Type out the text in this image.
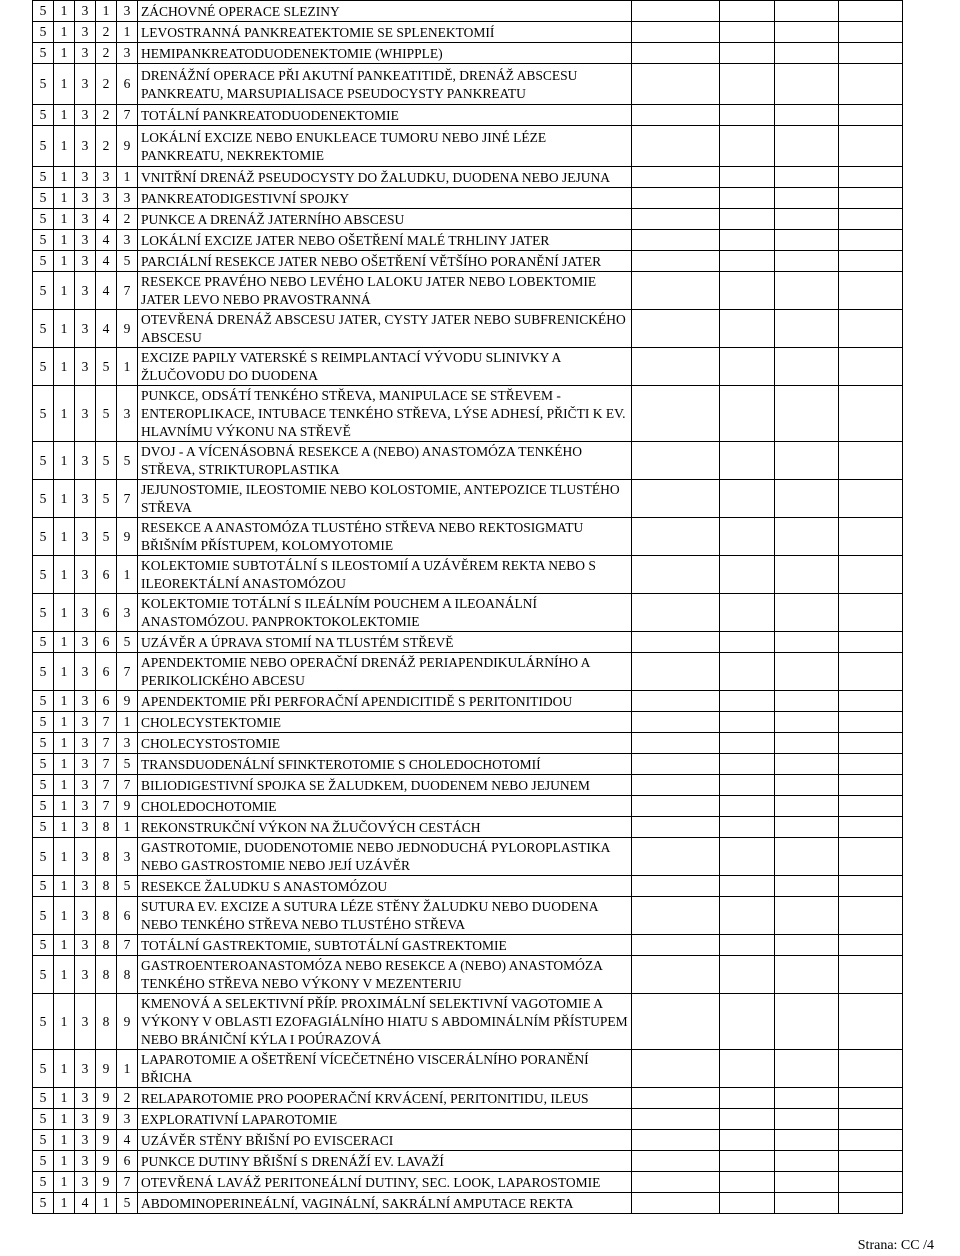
5	1	3	1	3	ZÁCHOVNÉ OPERACE SLEZINY				
5	1	3	2	1	LEVOSTRANNÁ PANKREATEKTOMIE SE SPLENEKTOMIÍ				
5	1	3	2	3	HEMIPANKREATODUODENEKTOMIE (WHIPPLE)				
5	1	3	2	6	DRENÁŽNÍ OPERACE PŘI AKUTNÍ PANKEATITIDĚ, DRENÁŽ ABSCESU PANKREATU, MARSUPIALISACE PSEUDOCYSTY PANKREATU				
5	1	3	2	7	TOTÁLNÍ PANKREATODUODENEKTOMIE				
5	1	3	2	9	LOKÁLNÍ EXCIZE NEBO ENUKLEACE TUMORU NEBO JINÉ LÉZE PANKREATU, NEKREKTOMIE				
5	1	3	3	1	VNITŘNÍ DRENÁŽ PSEUDOCYSTY DO ŽALUDKU, DUODENA NEBO JEJUNA				
5	1	3	3	3	PANKREATODIGESTIVNÍ SPOJKY				
5	1	3	4	2	PUNKCE A DRENÁŽ JATERNÍHO ABSCESU				
5	1	3	4	3	LOKÁLNÍ EXCIZE JATER NEBO OŠETŘENÍ MALÉ TRHLINY JATER				
5	1	3	4	5	PARCIÁLNÍ RESEKCE JATER NEBO OŠETŘENÍ VĚTŠÍHO PORANĚNÍ JATER				
5	1	3	4	7	RESEKCE PRAVÉHO NEBO LEVÉHO LALOKU JATER NEBO LOBEKTOMIE JATER LEVO NEBO PRAVOSTRANNÁ				
5	1	3	4	9	OTEVŘENÁ DRENÁŽ ABSCESU JATER, CYSTY JATER NEBO SUBFRENICKÉHO ABSCESU				
5	1	3	5	1	EXCIZE PAPILY VATERSKÉ S REIMPLANTACÍ VÝVODU SLINIVKY A ŽLUČOVODU DO DUODENA				
5	1	3	5	3	PUNKCE, ODSÁTÍ TENKÉHO STŘEVA, MANIPULACE SE STŘEVEM - ENTEROPLIKACE, INTUBACE TENKÉHO STŘEVA, LÝSE ADHESÍ, PŘIČTI K EV. HLAVNÍMU VÝKONU NA STŘEVĚ				
5	1	3	5	5	DVOJ - A VÍCENÁSOBNÁ RESEKCE A (NEBO) ANASTOMÓZA TENKÉHO STŘEVA, STRIKTUROPLASTIKA				
5	1	3	5	7	JEJUNOSTOMIE, ILEOSTOMIE NEBO KOLOSTOMIE, ANTEPOZICE TLUSTÉHO STŘEVA				
5	1	3	5	9	RESEKCE A ANASTOMÓZA TLUSTÉHO STŘEVA NEBO REKTOSIGMATU BŘIŠNÍM PŘÍSTUPEM, KOLOMYOTOMIE				
5	1	3	6	1	KOLEKTOMIE SUBTOTÁLNÍ S ILEOSTOMIÍ A UZÁVĚREM REKTA NEBO S ILEOREKTÁLNÍ ANASTOMÓZOU				
5	1	3	6	3	KOLEKTOMIE TOTÁLNÍ S ILEÁLNÍM POUCHEM A ILEOANÁLNÍ ANASTOMÓZOU. PANPROKTOKOLEKTOMIE				
5	1	3	6	5	UZÁVĚR A ÚPRAVA STOMIÍ NA TLUSTÉM STŘEVĚ				
5	1	3	6	7	APENDEKTOMIE NEBO OPERAČNÍ DRENÁŽ PERIAPENDIKULÁRNÍHO A PERIKOLICKÉHO ABCESU				
5	1	3	6	9	APENDEKTOMIE PŘI PERFORAČNÍ APENDICITIDĚ S PERITONITIDOU				
5	1	3	7	1	CHOLECYSTEKTOMIE				
5	1	3	7	3	CHOLECYSTOSTOMIE				
5	1	3	7	5	TRANSDUODENÁLNÍ SFINKTEROTOMIE S CHOLEDOCHOTOMIÍ				
5	1	3	7	7	BILIODIGESTIVNÍ SPOJKA SE ŽALUDKEM, DUODENEM NEBO JEJUNEM				
5	1	3	7	9	CHOLEDOCHOTOMIE				
5	1	3	8	1	REKONSTRUKČNÍ VÝKON NA ŽLUČOVÝCH CESTÁCH				
5	1	3	8	3	GASTROTOMIE, DUODENOTOMIE NEBO JEDNODUCHÁ PYLOROPLASTIKA NEBO GASTROSTOMIE NEBO JEJÍ UZÁVĚR				
5	1	3	8	5	RESEKCE ŽALUDKU S ANASTOMÓZOU				
5	1	3	8	6	SUTURA EV. EXCIZE A SUTURA LÉZE STĚNY ŽALUDKU NEBO DUODENA NEBO TENKÉHO STŘEVA NEBO TLUSTÉHO STŘEVA				
5	1	3	8	7	TOTÁLNÍ GASTREKTOMIE, SUBTOTÁLNÍ GASTREKTOMIE				
5	1	3	8	8	GASTROENTEROANASTOMÓZA NEBO RESEKCE A (NEBO) ANASTOMÓZA TENKÉHO STŘEVA NEBO VÝKONY V MEZENTERIU				
5	1	3	8	9	KMENOVÁ A SELEKTIVNÍ PŘÍP. PROXIMÁLNÍ SELEKTIVNÍ VAGOTOMIE A VÝKONY V OBLASTI EZOFAGIÁLNÍHO HIATU S ABDOMINÁLNÍM PŘÍSTUPEM NEBO BRÁNIČNÍ KÝLA I POÚRAZOVÁ				
5	1	3	9	1	LAPAROTOMIE A OŠETŘENÍ VÍCEČETNÉHO VISCERÁLNÍHO PORANĚNÍ BŘICHA				
5	1	3	9	2	RELAPAROTOMIE PRO POOPERAČNÍ KRVÁCENÍ, PERITONITIDU, ILEUS				
5	1	3	9	3	EXPLORATIVNÍ LAPAROTOMIE				
5	1	3	9	4	UZÁVĚR STĚNY BŘIŠNÍ PO EVISCERACI				
5	1	3	9	6	PUNKCE DUTINY BŘIŠNÍ S DRENÁŽÍ EV. LAVAŽÍ				
5	1	3	9	7	OTEVŘENÁ LAVÁŽ PERITONEÁLNÍ DUTINY, SEC. LOOK, LAPAROSTOMIE				
5	1	4	1	5	ABDOMINOPERINEÁLNÍ, VAGINÁLNÍ, SAKRÁLNÍ AMPUTACE REKTA				
Strana: CC /4
